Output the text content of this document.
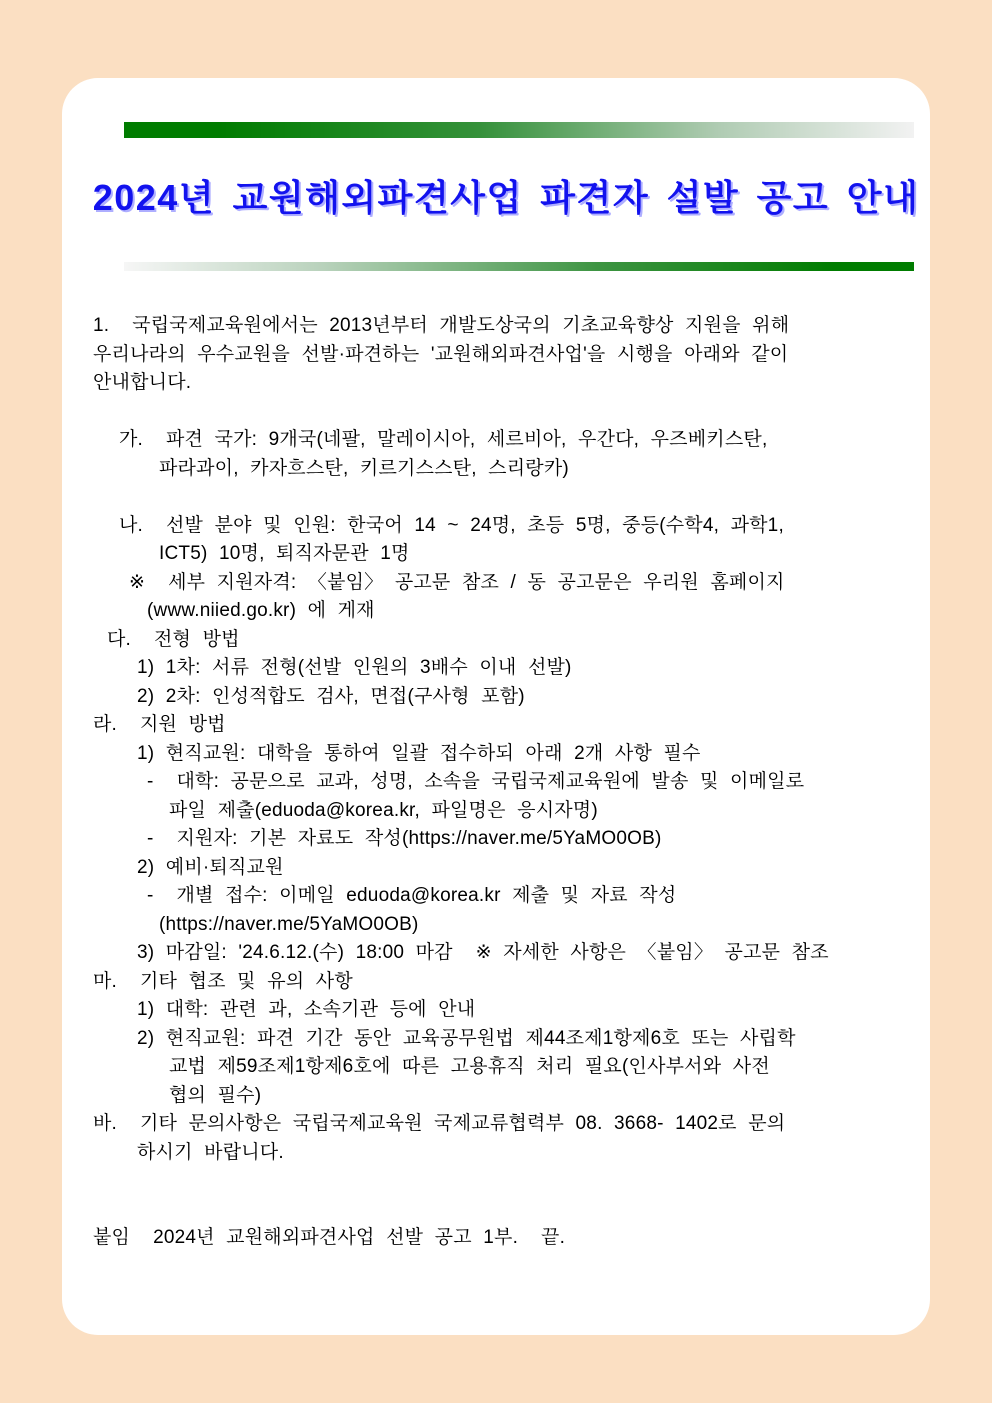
2024년 교원해외파견사업 파견자 설발 공고 안내
1.  국립국제교육원에서는 2013년부터 개발도상국의 기초교육향상 지원을 위해
우리나라의 우수교원을 선발·파견하는 '교원해외파견사업'을 시행을 아래와 같이
안내합니다.
가.  파견 국가: 9개국(네팔, 말레이시아, 세르비아, 우간다, 우즈베키스탄,
파라과이, 카자흐스탄, 키르기스스탄, 스리랑카)
나.  선발 분야 및 인원: 한국어 14 ~ 24명, 초등 5명, 중등(수학4, 과학1,
ICT5) 10명, 퇴직자문관 1명
※  세부 지원자격: 〈붙임〉 공고문 참조 / 동 공고문은 우리원 홈페이지
(www.niied.go.kr) 에 게재
다.  전형 방법
1) 1차: 서류 전형(선발 인원의 3배수 이내 선발)
2) 2차: 인성적합도 검사, 면접(구사형 포함)
라.  지원 방법
1) 현직교원: 대학을 통하여 일괄 접수하되 아래 2개 사항 필수
-  대학: 공문으로 교과, 성명, 소속을 국립국제교육원에 발송 및 이메일로
파일 제출(eduoda@korea.kr, 파일명은 응시자명)
-  지원자: 기본 자료도 작성(https://naver.me/5YaMO0OB)
2) 예비·퇴직교원
-  개별 접수: 이메일 eduoda@korea.kr 제출 및 자료 작성
(https://naver.me/5YaMO0OB)
3) 마감일: '24.6.12.(수) 18:00 마감  ※ 자세한 사항은 〈붙임〉 공고문 참조
마.  기타 협조 및 유의 사항
1) 대학: 관련 과, 소속기관 등에 안내
2) 현직교원: 파견 기간 동안 교육공무원법 제44조제1항제6호 또는 사립학
교법 제59조제1항제6호에 따른 고용휴직 처리 필요(인사부서와 사전
협의 필수)
바.  기타 문의사항은 국립국제교육원 국제교류협력부 08. 3668- 1402로 문의
하시기 바랍니다.
붙임  2024년 교원해외파견사업 선발 공고 1부.  끝.
